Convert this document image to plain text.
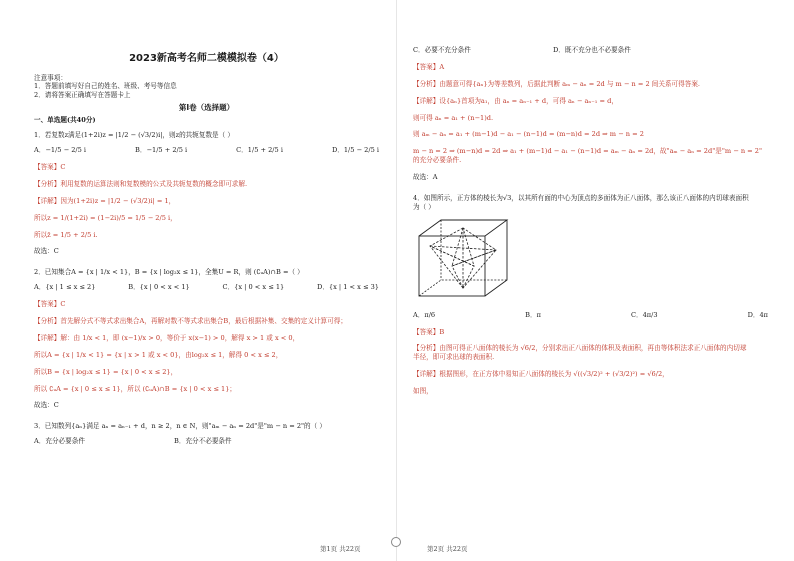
2023新高考名师二模模拟卷（4）
注意事项：
1．答题前填写好自己的姓名、班级、考号等信息
2．请将答案正确填写在答题卡上
第I卷（选择题）
一、单选题(共40分)
1．若复数z满足(1+2i)z = |1/2 − (√3/2)i|，则z的共轭复数是（ ）
A．−1/5 − 2/5 i	B．−1/5 + 2/5 i	C．1/5 + 2/5 i	D．1/5 − 2/5 i
【答案】C
【分析】利用复数的运算法则和复数模的公式及共轭复数的概念即可求解.
【详解】因为(1+2i)z = |1/2 − (√3/2)i| = 1，
所以z = 1/(1+2i) = (1−2i)/5 = 1/5 − 2/5 i，
所以z̄ = 1/5 + 2/5 i.
故选：C
2．已知集合A = {x | 1/x < 1}，B = {x | log₂x ≤ 1}，全集U = R，则 (∁ᵤA)∩B =（ ）
A．{x | 1 ≤ x ≤ 2}	B．{x | 0 < x < 1}	C．{x | 0 < x ≤ 1}	D．{x | 1 < x ≤ 3}
【答案】C
【分析】首先解分式不等式求出集合A，再解对数不等式求出集合B，最后根据补集、交集的定义计算可得；
【详解】解：由 1/x < 1，即 (x−1)/x > 0，等价于 x(x−1) > 0，解得 x > 1 或 x < 0，
所以A = {x | 1/x < 1} = {x | x > 1 或 x < 0}，由log₂x ≤ 1，解得 0 < x ≤ 2，
所以B = {x | log₂x ≤ 1} = {x | 0 < x ≤ 2}，
所以 ∁ᵤA = {x | 0 ≤ x ≤ 1}，所以 (∁ᵤA)∩B = {x | 0 < x ≤ 1}；
故选：C
3．已知数列{aₙ}满足 aₙ = aₙ₋₁ + d，n ≥ 2，n ∈ N，则"aₘ − aₙ = 2d"是"m − n = 2"的（ ）
A．充分必要条件	B．充分不必要条件
第1页 共22页
C．必要不充分条件	D．既不充分也不必要条件
【答案】A
【分析】由题意可得{aₙ}为等差数列，后据此判断 aₘ − aₙ = 2d 与 m − n = 2 间关系可得答案.
【详解】设{aₙ}首项为a₁，由 aₙ = aₙ₋₁ + d，可得 aₙ − aₙ₋₁ = d，
则可得 aₙ = a₁ + (n−1)d.
则 aₘ − aₙ = a₁ + (m−1)d − a₁ − (n−1)d = (m−n)d = 2d ⇒ m − n = 2
m − n = 2 ⇒ (m−n)d = 2d ⇒ a₁ + (m−1)d − a₁ − (n−1)d = aₘ − aₙ = 2d，故"aₘ − aₙ = 2d"是"m − n = 2"
的充分必要条件.
故选：A
4．如图所示，正方体的棱长为√3，以其所有面的中心为顶点的多面体为正八面体，那么该正八面体的内切球表面积
为（ ）
A．π/6	B．π	C．4π/3	D．4π
【答案】B
【分析】由图可得正八面体的棱长为 √6/2，分别求出正八面体的体积及表面积，再由等体积法求正八面体的内切球
半径，即可求出球的表面积.
【详解】根据图形，在正方体中易知正八面体的棱长为 √((√3/2)² + (√3/2)²) = √6/2，
如图，
第2页 共22页
